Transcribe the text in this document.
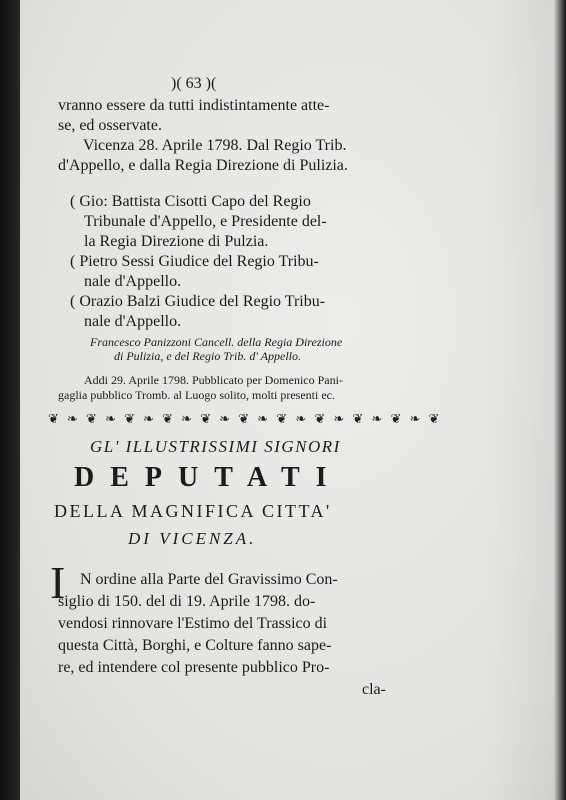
)( 63 )(
vranno essere da tutti indistintamente atte-
se, ed osservate.
Vicenza 28. Aprile 1798. Dal Regio Trib.
d'Appello, e dalla Regia Direzione di Pulizia.
( Gio: Battista Cisotti Capo del Regio
Tribunale d'Appello, e Presidente del-
la Regia Direzione di Pulzia.
( Pietro Sessi Giudice del Regio Tribu-
nale d'Appello.
( Orazio Balzi Giudice del Regio Tribu-
nale d'Appello.
Francesco Panizzoni Cancell. della Regia Direzione
di Pulizia, e del Regio Trib. d' Appello.
Addi 29. Aprile 1798. Pubblicato per Domenico Pani-
gaglia pubblico Tromb. al Luogo solito, molti presenti ec.
❦ ❧ ❦ ❧ ❦ ❧ ❦ ❧ ❦ ❧ ❦ ❧ ❦ ❧ ❦ ❧ ❦ ❧ ❦ ❧ ❦
GL' ILLUSTRISSIMI SIGNORI
DEPUTATI
DELLA MAGNIFICA CITTA'
DI VICENZA.
I N ordine alla Parte del Gravissimo Con-
siglio di 150. del di 19. Aprile 1798. do-
vendosi rinnovare l'Estimo del Trassico di
questa Città, Borghi, e Colture fanno sape-
re, ed intendere col presente pubblico Pro-
cla-
